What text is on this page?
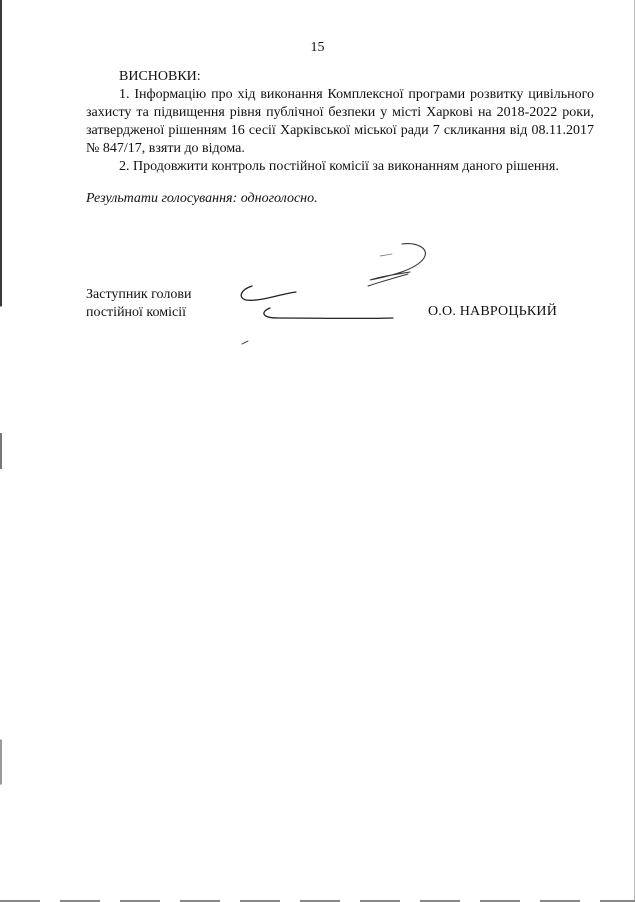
15

ВИСНОВКИ:

1. Інформацію про хід виконання Комплексної програми розвитку цивільного захисту та підвищення рівня публічної безпеки у місті Харкові на 2018-2022 роки, затвердженої рішенням 16 сесії Харківської міської ради 7 скликання від 08.11.2017 № 847/17, взяти до відома.

2. Продовжити контроль постійної комісії за виконанням даного рішення.

Результати голосування: одноголосно.
Заступник голови
постійної комісії	О.О. НАВРОЦЬКИЙ
